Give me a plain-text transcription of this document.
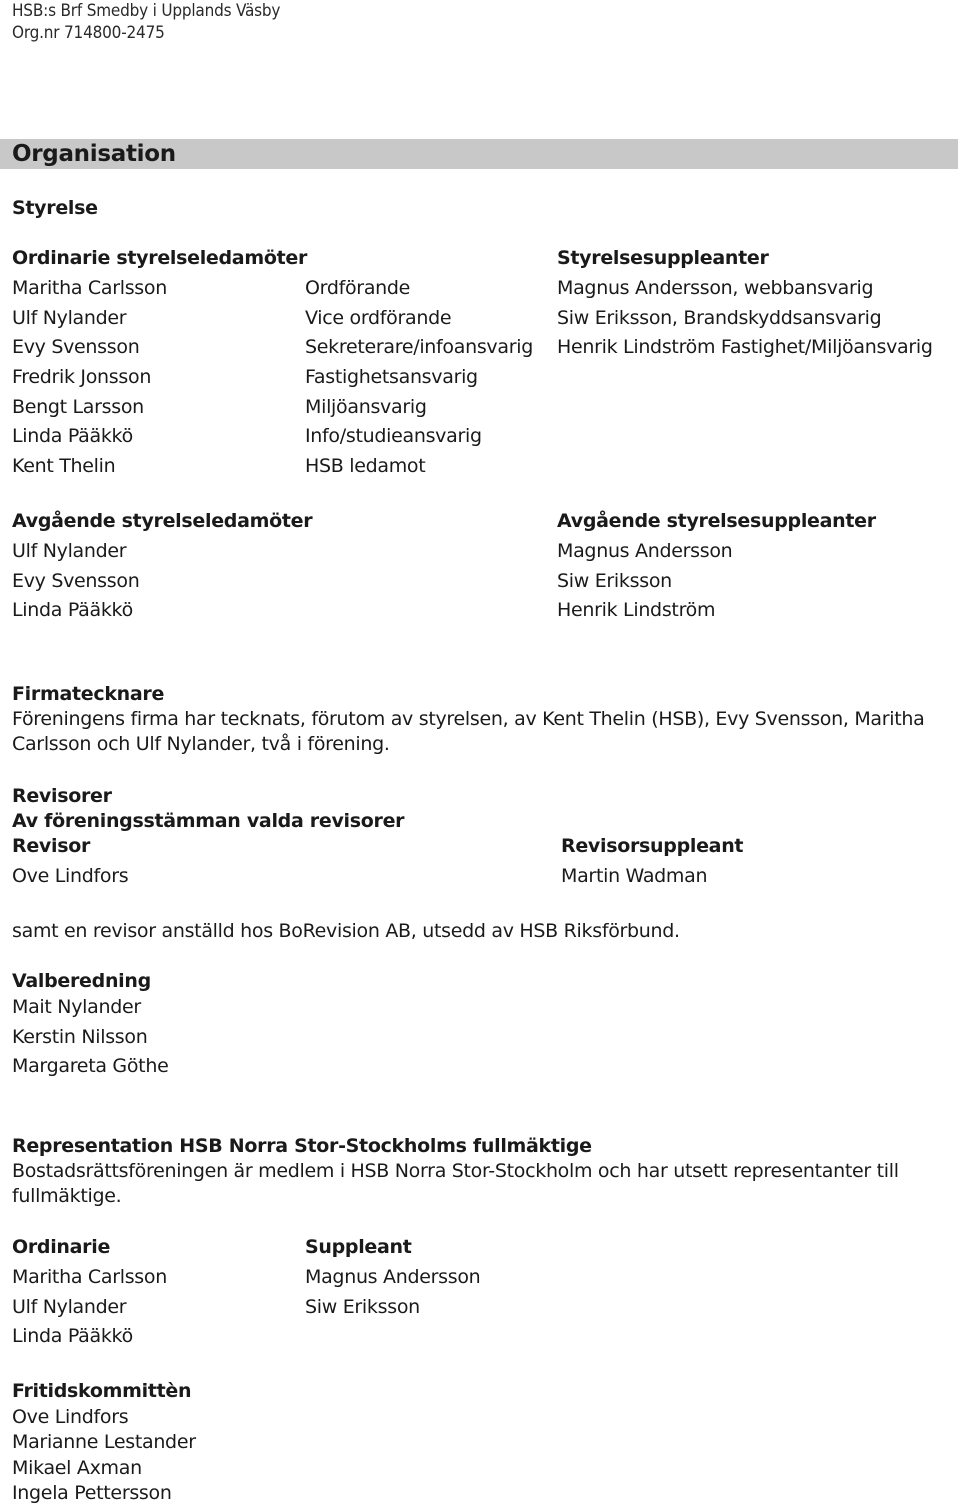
HSB:s Brf Smedby i Upplands Väsby
Org.nr 714800-2475
Organisation
Styrelse
Ordinarie styrelseledamöter
Maritha Carlsson
Ulf Nylander
Evy Svensson
Fredrik Jonsson
Bengt Larsson
Linda Pääkkö
Kent Thelin
Ordförande
Vice ordförande
Sekreterare/infoansvarig
Fastighetsansvarig
Miljöansvarig
Info/studieansvarig
HSB ledamot
Styrelsesuppleanter
Magnus Andersson, webbansvarig
Siw Eriksson, Brandskyddsansvarig
Henrik Lindström Fastighet/Miljöansvarig
Avgående styrelseledamöter
Ulf Nylander
Evy Svensson
Linda Pääkkö
Avgående styrelsesuppleanter
Magnus Andersson
Siw Eriksson
Henrik Lindström
Firmatecknare
Föreningens firma har tecknats, förutom av styrelsen, av Kent Thelin (HSB), Evy Svensson, Maritha Carlsson och Ulf Nylander, två i förening.
Revisorer
Av föreningsstämman valda revisorer
Revisor
Ove Lindfors
Revisorsuppleant
Martin Wadman
samt en revisor anställd hos BoRevision AB, utsedd av HSB Riksförbund.
Valberedning
Mait Nylander
Kerstin Nilsson
Margareta Göthe
Representation HSB Norra Stor-Stockholms fullmäktige
Bostadsrättsföreningen är medlem i HSB Norra Stor-Stockholm och har utsett representanter till fullmäktige.
Ordinarie
Maritha Carlsson
Ulf Nylander
Linda Pääkkö
Suppleant
Magnus Andersson
Siw Eriksson
Fritidskommittèn
Ove Lindfors
Marianne Lestander
Mikael Axman
Ingela Pettersson
